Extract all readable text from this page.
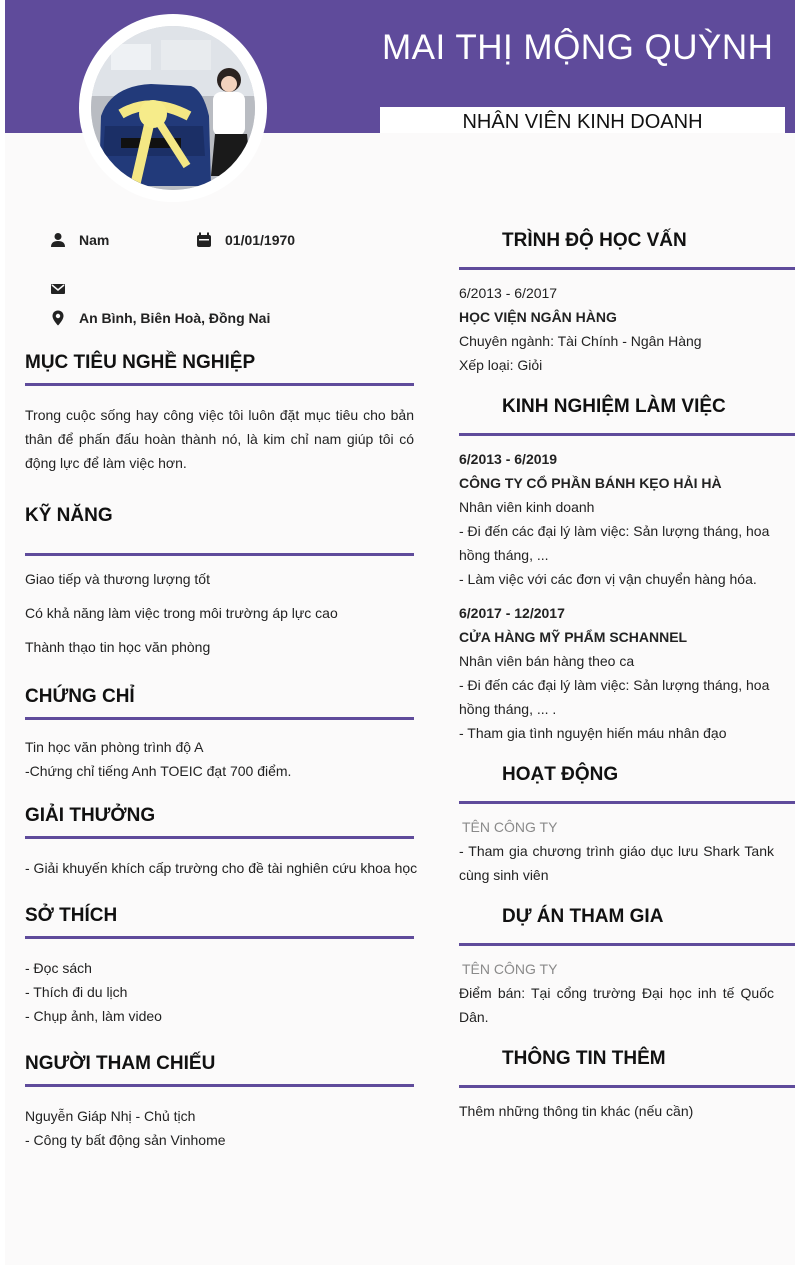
MAI THỊ MỘNG QUỲNH
NHÂN VIÊN KINH DOANH
Nam	01/01/1970
An Bình, Biên Hoà, Đồng Nai
MỤC TIÊU NGHỀ NGHIỆP
Trong cuộc sống hay công việc tôi luôn đặt mục tiêu cho bản thân để phấn đấu hoàn thành nó, là kim chỉ nam giúp tôi có động lực để làm việc hơn.
KỸ NĂNG
Giao tiếp và thương lượng tốt
Có khả năng làm việc trong môi trường áp lực cao
Thành thạo tin học văn phòng
CHỨNG CHỈ
Tin học văn phòng trình độ A
-Chứng chỉ tiếng Anh TOEIC đạt 700 điểm.
GIẢI THƯỞNG
- Giải khuyến khích cấp trường cho đề tài nghiên cứu khoa học
SỞ THÍCH
- Đọc sách
- Thích đi du lịch
- Chụp ảnh, làm video
NGƯỜI THAM CHIẾU
Nguyễn Giáp Nhị - Chủ tịch
- Công ty bất động sản Vinhome
TRÌNH ĐỘ HỌC VẤN
6/2013 - 6/2017
HỌC VIỆN NGÂN HÀNG
Chuyên ngành: Tài Chính - Ngân Hàng
Xếp loại: Giỏi
KINH NGHIỆM LÀM VIỆC
6/2013 - 6/2019
CÔNG TY CỔ PHẦN BÁNH KẸO HẢI HÀ
Nhân viên kinh doanh
- Đi đến các đại lý làm việc: Sản lượng tháng, hoa
hồng tháng, ...
- Làm việc với các đơn vị vận chuyển hàng hóa.
6/2017 - 12/2017
CỬA HÀNG MỸ PHẨM SCHANNEL
Nhân viên bán hàng theo ca
- Đi đến các đại lý làm việc: Sản lượng tháng, hoa
hồng tháng, ... .
- Tham gia tình nguyện hiến máu nhân đạo
HOẠT ĐỘNG
TÊN CÔNG TY
- Tham gia chương trình giáo dục lưu Shark Tank cùng sinh viên
DỰ ÁN THAM GIA
TÊN CÔNG TY
Điểm bán: Tại cổng trường Đại học inh tế Quốc Dân.
THÔNG TIN THÊM
Thêm những thông tin khác (nếu cần)
